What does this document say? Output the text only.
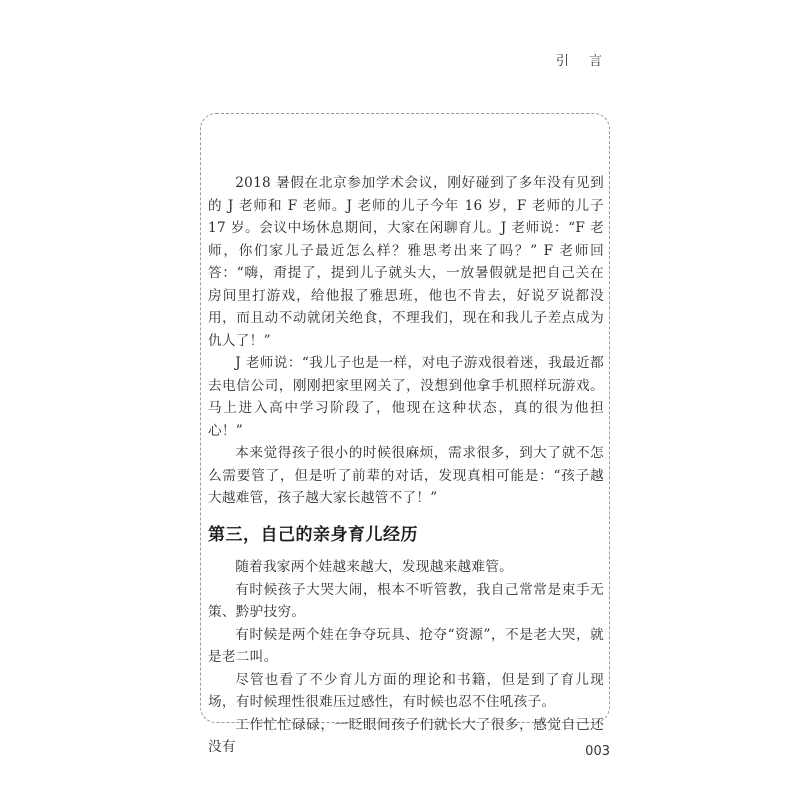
引 言

2018 暑假在北京参加学术会议，刚好碰到了多年没有见到的 J 老师和 F 老师。J 老师的儿子今年 16 岁，F 老师的儿子 17 岁。会议中场休息期间，大家在闲聊育儿。J 老师说：“F 老师，你们家儿子最近怎么样？雅思考出来了吗？” F 老师回答：“嗨，甭提了，提到儿子就头大，一放暑假就是把自己关在房间里打游戏，给他报了雅思班，他也不肯去，好说歹说都没用，而且动不动就闭关绝食，不理我们，现在和我儿子差点成为仇人了！”

J 老师说：“我儿子也是一样，对电子游戏很着迷，我最近都去电信公司，刚刚把家里网关了，没想到他拿手机照样玩游戏。马上进入高中学习阶段了，他现在这种状态，真的很为他担心！”

本来觉得孩子很小的时候很麻烦，需求很多，到大了就不怎么需要管了，但是听了前辈的对话，发现真相可能是：“孩子越大越难管，孩子越大家长越管不了！”

第三，自己的亲身育儿经历

随着我家两个娃越来越大，发现越来越难管。

有时候孩子大哭大闹，根本不听管教，我自己常常是束手无策、黔驴技穷。

有时候是两个娃在争夺玩具、抢夺“资源”，不是老大哭，就是老二叫。

尽管也看了不少育儿方面的理论和书籍，但是到了育儿现场，有时候理性很难压过感性，有时候也忍不住吼孩子。

工作忙忙碌碌，一眨眼间孩子们就长大了很多，感觉自己还没有	003
